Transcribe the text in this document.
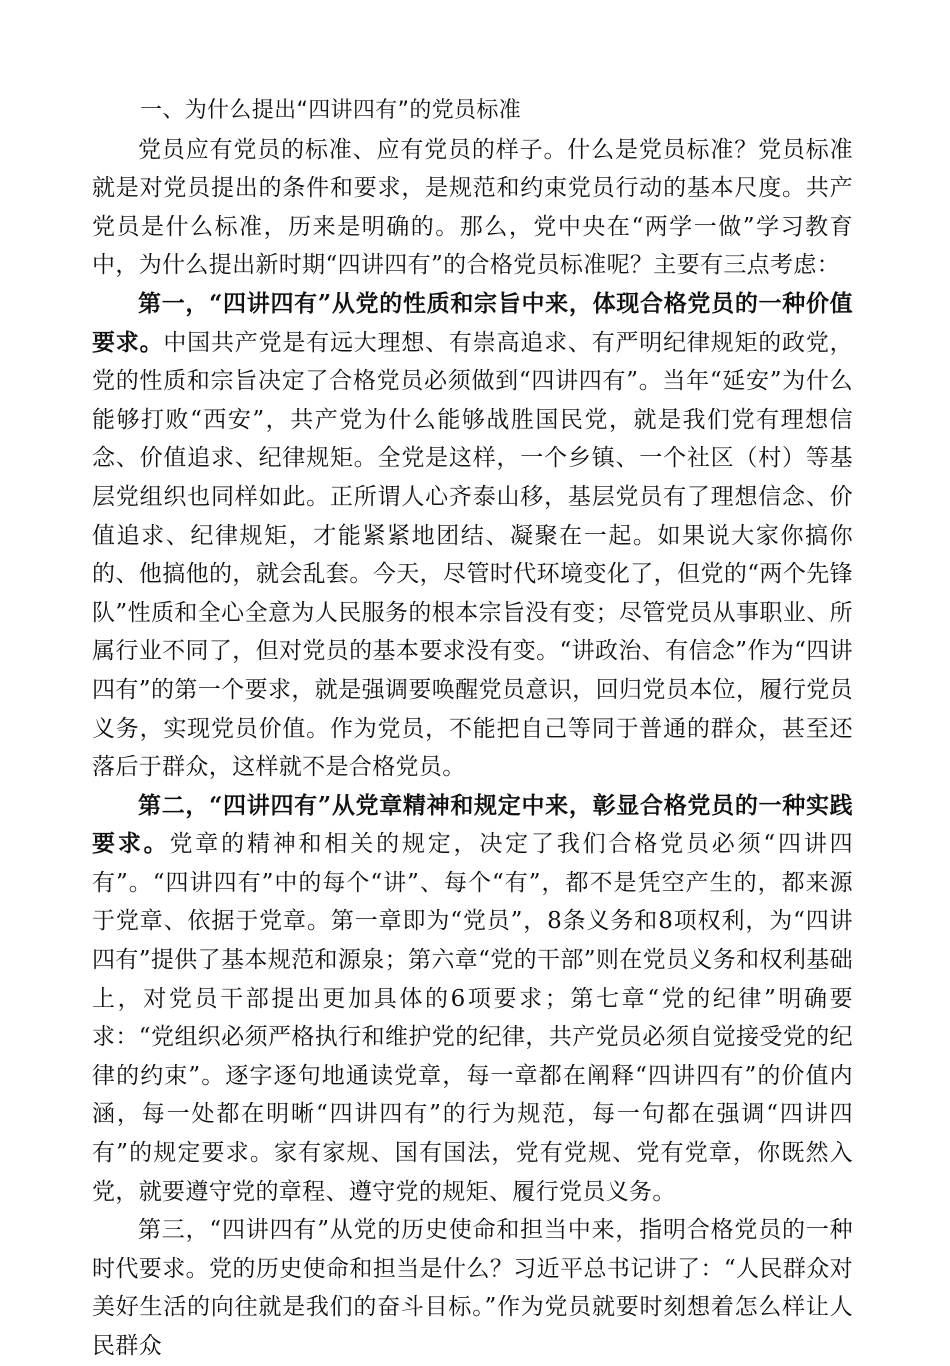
一、为什么提出“四讲四有”的党员标准

党员应有党员的标准、应有党员的样子。什么是党员标准？党员标准就是对党员提出的条件和要求，是规范和约束党员行动的基本尺度。共产党员是什么标准，历来是明确的。那么，党中央在“两学一做”学习教育中，为什么提出新时期“四讲四有”的合格党员标准呢？主要有三点考虑：

第一，“四讲四有”从党的性质和宗旨中来，体现合格党员的一种价值要求。中国共产党是有远大理想、有崇高追求、有严明纪律规矩的政党，党的性质和宗旨决定了合格党员必须做到“四讲四有”。当年“延安”为什么能够打败“西安”，共产党为什么能够战胜国民党，就是我们党有理想信念、价值追求、纪律规矩。全党是这样，一个乡镇、一个社区（村）等基层党组织也同样如此。正所谓人心齐泰山移，基层党员有了理想信念、价值追求、纪律规矩，才能紧紧地团结、凝聚在一起。如果说大家你搞你的、他搞他的，就会乱套。今天，尽管时代环境变化了，但党的“两个先锋队”性质和全心全意为人民服务的根本宗旨没有变；尽管党员从事职业、所属行业不同了，但对党员的基本要求没有变。“讲政治、有信念”作为“四讲四有”的第一个要求，就是强调要唤醒党员意识，回归党员本位，履行党员义务，实现党员价值。作为党员，不能把自己等同于普通的群众，甚至还落后于群众，这样就不是合格党员。

第二，“四讲四有”从党章精神和规定中来，彰显合格党员的一种实践要求。党章的精神和相关的规定，决定了我们合格党员必须“四讲四有”。“四讲四有”中的每个“讲”、每个“有”，都不是凭空产生的，都来源于党章、依据于党章。第一章即为“党员”，8条义务和8项权利，为“四讲四有”提供了基本规范和源泉；第六章“党的干部”则在党员义务和权利基础上，对党员干部提出更加具体的6项要求；第七章“党的纪律”明确要求：“党组织必须严格执行和维护党的纪律，共产党员必须自觉接受党的纪律的约束”。逐字逐句地通读党章，每一章都在阐释“四讲四有”的价值内涵，每一处都在明晰“四讲四有”的行为规范，每一句都在强调“四讲四有”的规定要求。家有家规、国有国法，党有党规、党有党章，你既然入党，就要遵守党的章程、遵守党的规矩、履行党员义务。

第三，“四讲四有”从党的历史使命和担当中来，指明合格党员的一种时代要求。党的历史使命和担当是什么？习近平总书记讲了：“人民群众对美好生活的向往就是我们的奋斗目标。”作为党员就要时刻想着怎么样让人民群众
